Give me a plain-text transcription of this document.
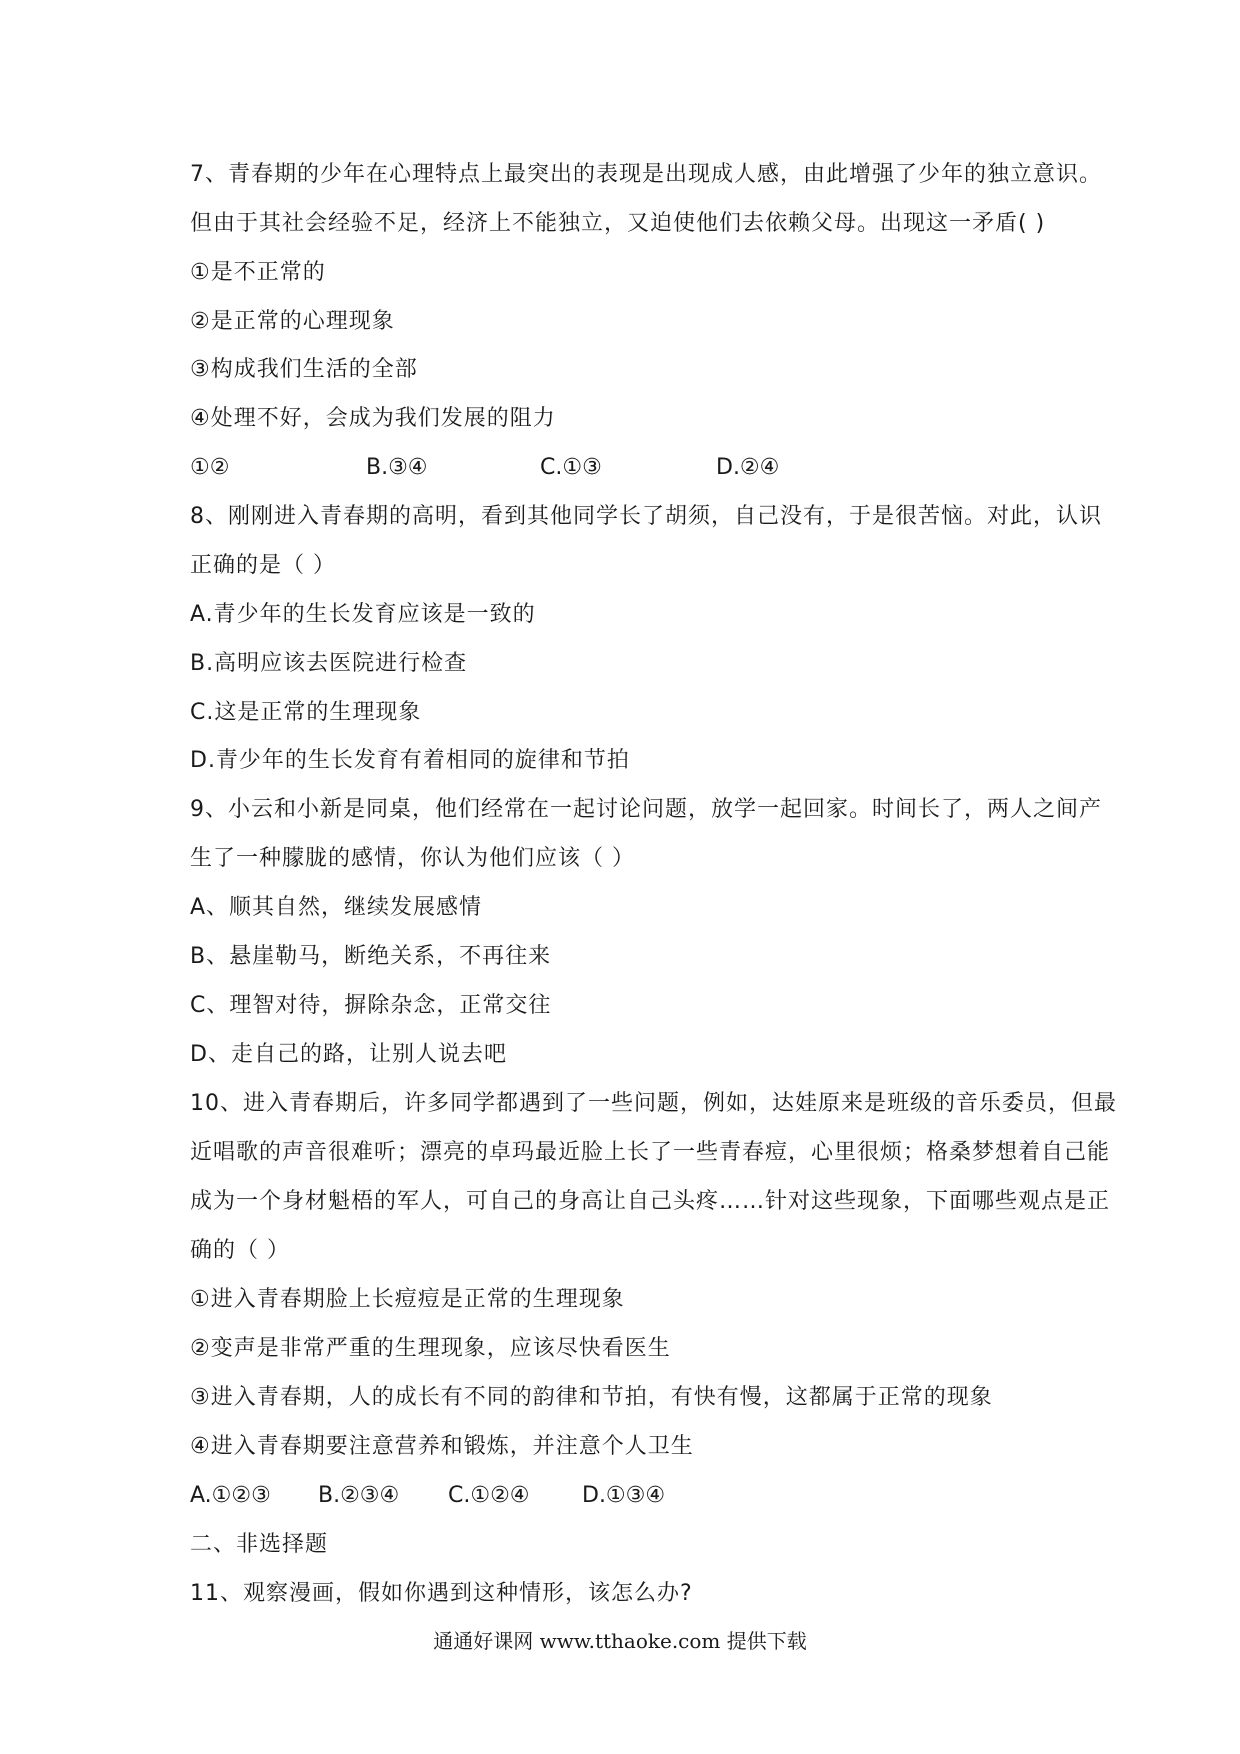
7、青春期的少年在心理特点上最突出的表现是出现成人感，由此增强了少年的独立意识。
但由于其社会经验不足，经济上不能独立，又迫使他们去依赖父母。出现这一矛盾( )
①是不正常的
②是正常的心理现象
③构成我们生活的全部
④处理不好，会成为我们发展的阻力
①②	B.③④	C.①③	D.②④
8、刚刚进入青春期的高明，看到其他同学长了胡须，自己没有，于是很苦恼。对此，认识
正确的是（ ）
A.青少年的生长发育应该是一致的
B.高明应该去医院进行检查
C.这是正常的生理现象
D.青少年的生长发育有着相同的旋律和节拍
9、小云和小新是同桌，他们经常在一起讨论问题，放学一起回家。时间长了，两人之间产
生了一种朦胧的感情，你认为他们应该（ ）
A、顺其自然，继续发展感情
B、悬崖勒马，断绝关系，不再往来
C、理智对待，摒除杂念，正常交往
D、走自己的路，让别人说去吧
10、进入青春期后，许多同学都遇到了一些问题，例如，达娃原来是班级的音乐委员，但最
近唱歌的声音很难听；漂亮的卓玛最近脸上长了一些青春痘，心里很烦；格桑梦想着自己能
成为一个身材魁梧的军人，可自己的身高让自己头疼……针对这些现象，下面哪些观点是正
确的（ ）
①进入青春期脸上长痘痘是正常的生理现象
②变声是非常严重的生理现象，应该尽快看医生
③进入青春期，人的成长有不同的韵律和节拍，有快有慢，这都属于正常的现象
④进入青春期要注意营养和锻炼，并注意个人卫生
A.①②③ B.②③④ C.①②④ D.①③④
二、非选择题
11、观察漫画，假如你遇到这种情形，该怎么办?
通通好课网 www.tthaoke.com 提供下载
